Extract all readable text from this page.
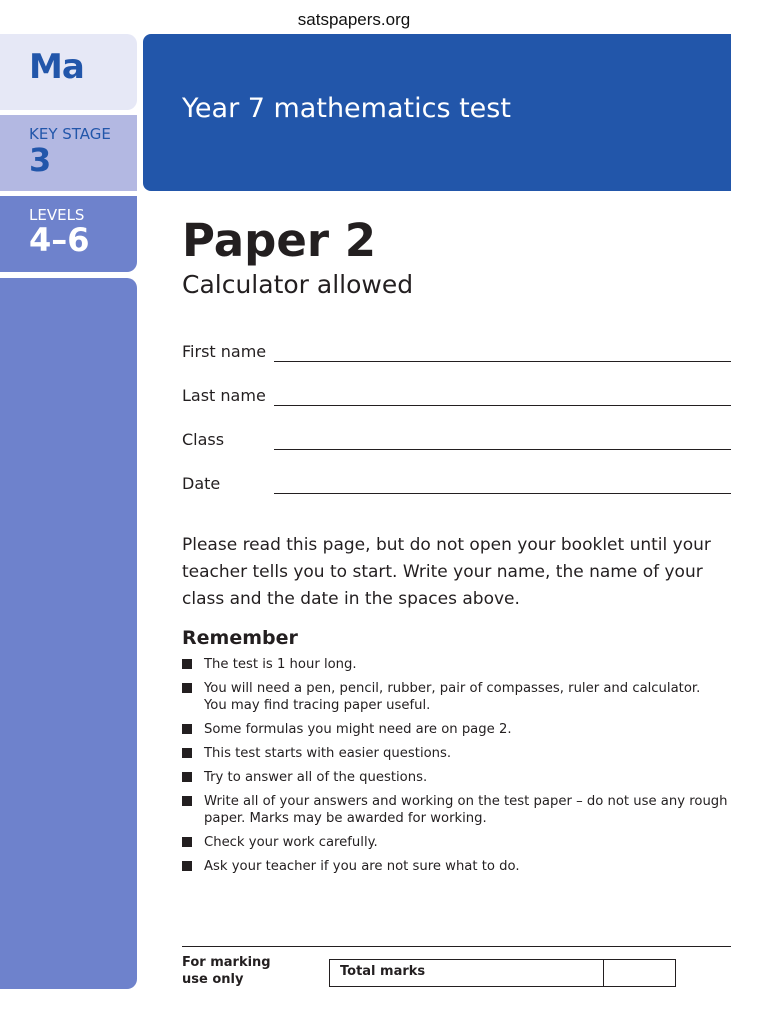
satspapers.org
Ma
KEY STAGE
3
LEVELS
4–6
Year 7 mathematics test
Paper 2
Calculator allowed
First name
Last name
Class
Date
Please read this page, but do not open your booklet until your teacher tells you to start. Write your name, the name of your class and the date in the spaces above.
Remember
The test is 1 hour long.
You will need a pen, pencil, rubber, pair of compasses, ruler and calculator.
You may find tracing paper useful.
Some formulas you might need are on page 2.
This test starts with easier questions.
Try to answer all of the questions.
Write all of your answers and working on the test paper – do not use any rough paper. Marks may be awarded for working.
Check your work carefully.
Ask your teacher if you are not sure what to do.
For marking
use only
Total marks
